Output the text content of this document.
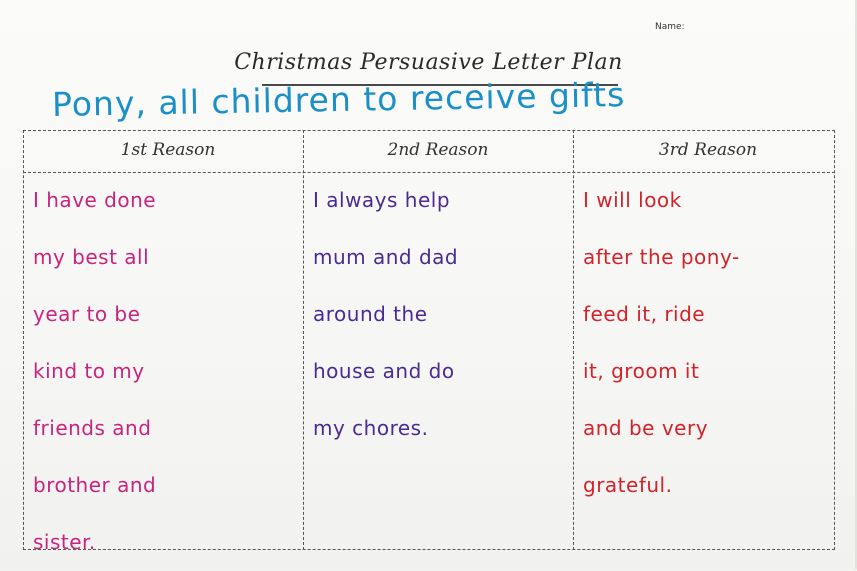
Name:
Christmas Persuasive Letter Plan
Pony, all children to receive gifts
1st Reason	2nd Reason	3rd Reason
I have done
my best all
year to be
kind to my
friends and
brother and
sister.
I always help
mum and dad
around the
house and do
my chores.
I will look
after the pony-
feed it, ride
it, groom it
and be very
grateful.
